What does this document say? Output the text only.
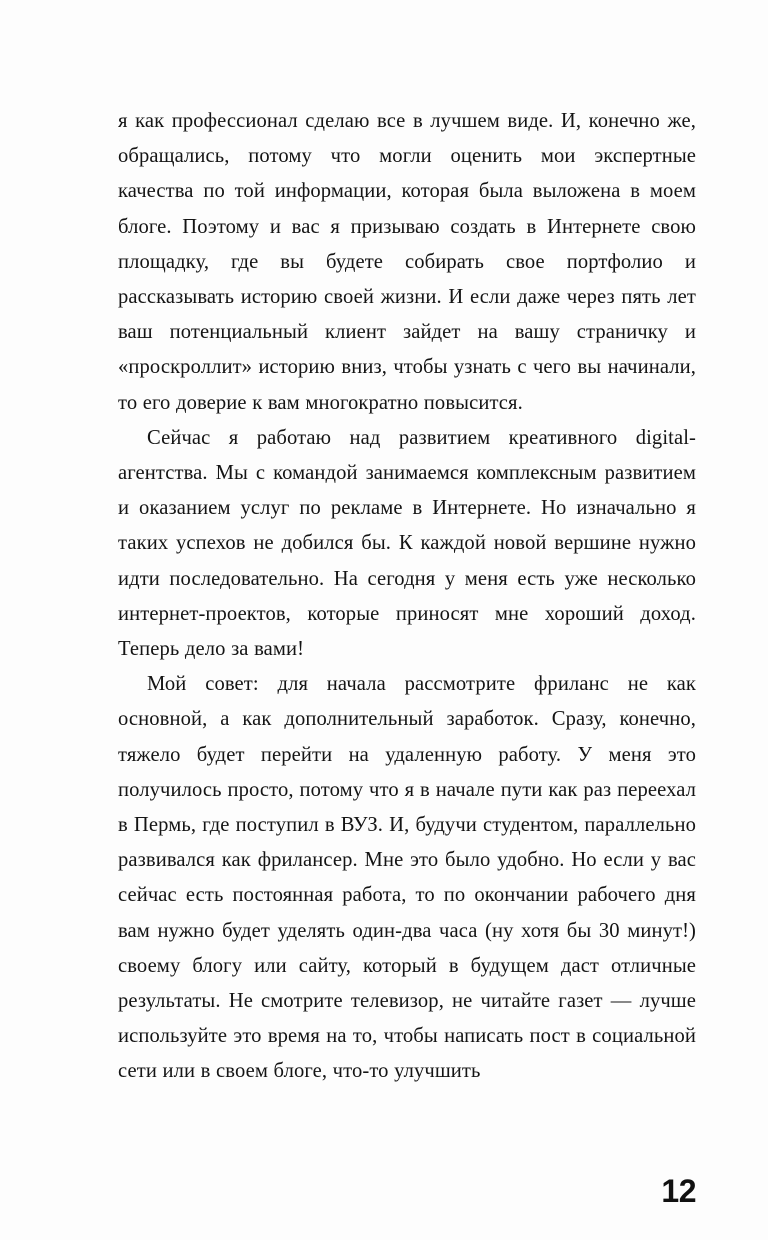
я как профессионал сделаю все в лучшем виде. И, конечно же, обращались, потому что могли оценить мои экспертные качества по той информации, которая была выложена в моем блоге. Поэтому и вас я призываю создать в Интернете свою площадку, где вы будете собирать свое портфолио и рассказывать историю своей жизни. И если даже через пять лет ваш потенциальный клиент зайдет на вашу страничку и «проскроллит» историю вниз, чтобы узнать с чего вы начинали, то его доверие к вам многократно повысится.

Сейчас я работаю над развитием креативного digital-агентства. Мы с командой занимаемся комплексным развитием и оказанием услуг по рекламе в Интернете. Но изначально я таких успехов не добился бы. К каждой новой вершине нужно идти последовательно. На сегодня у меня есть уже несколько интернет-проектов, которые приносят мне хороший доход. Теперь дело за вами!

Мой совет: для начала рассмотрите фриланс не как основной, а как дополнительный заработок. Сразу, конечно, тяжело будет перейти на удаленную работу. У меня это получилось просто, потому что я в начале пути как раз переехал в Пермь, где поступил в ВУЗ. И, будучи студентом, параллельно развивался как фрилансер. Мне это было удобно. Но если у вас сейчас есть постоянная работа, то по окончании рабочего дня вам нужно будет уделять один-два часа (ну хотя бы 30 минут!) своему блогу или сайту, который в будущем даст отличные результаты. Не смотрите телевизор, не читайте газет — лучше используйте это время на то, чтобы написать пост в социальной сети или в своем блоге, что-то улучшить

12
